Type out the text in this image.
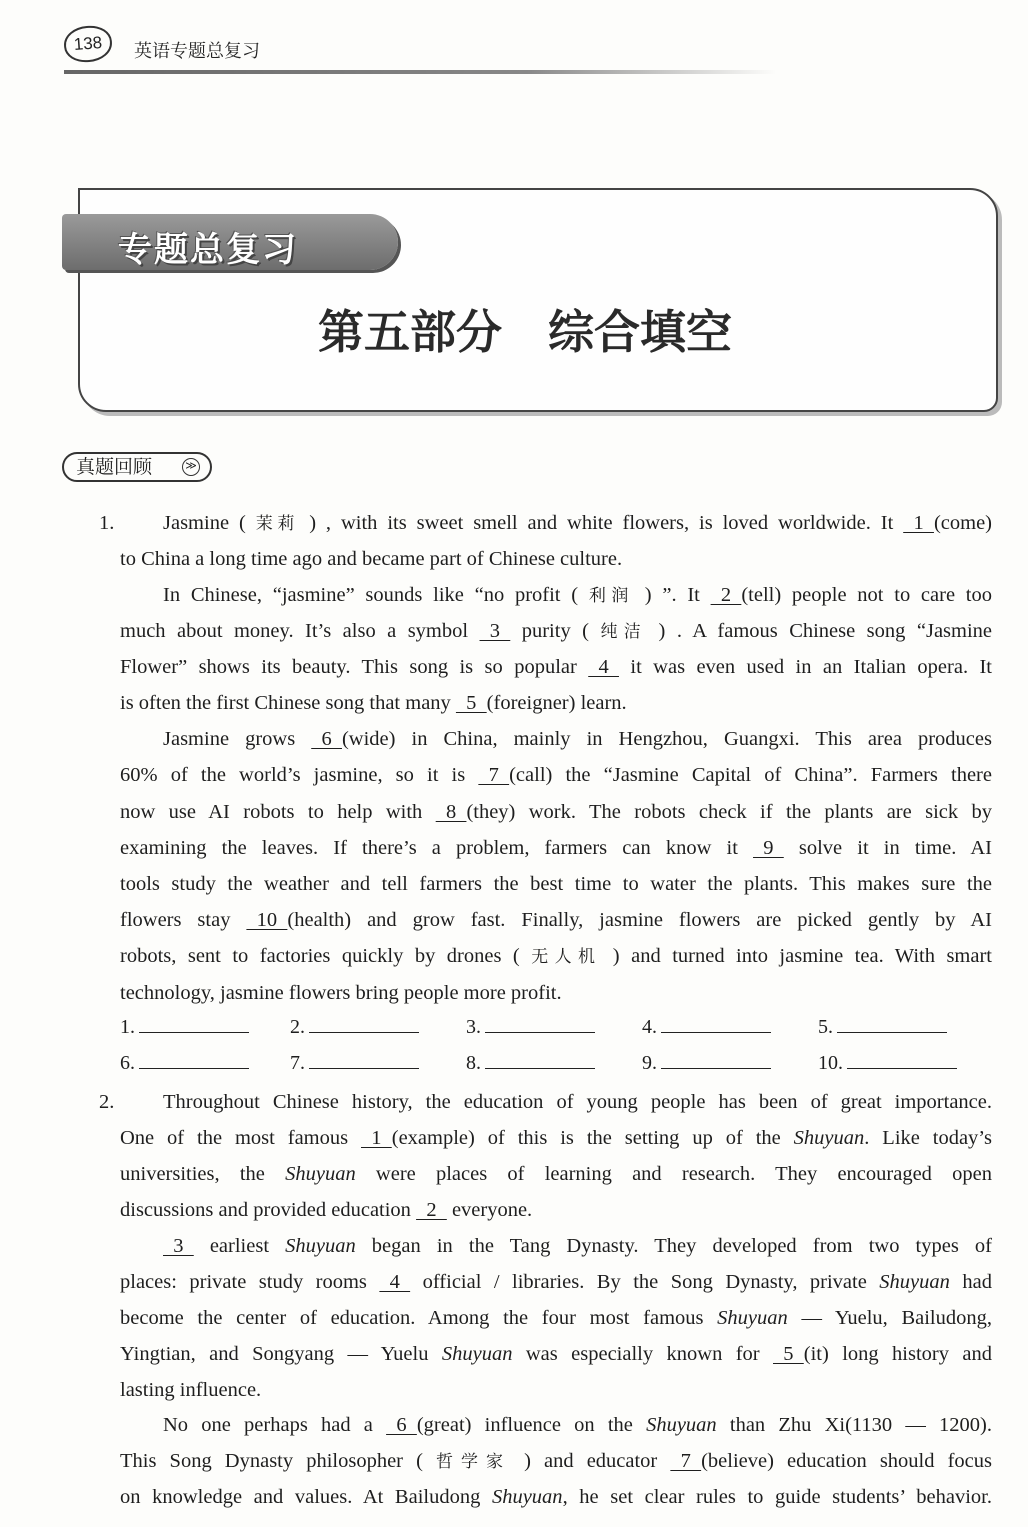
138	英语专题总复习
专题总复习
第五部分　综合填空
真题回顾	≫
1. Jasmine ( 茉莉 ) , with its sweet smell and white flowers, is loved worldwide. It   1  (come)
to China a long time ago and became part of Chinese culture.
In Chinese, “jasmine” sounds like “no profit ( 利润 ) ”. It   2  (tell) people not to care too
much about money. It’s also a symbol   3   purity ( 纯洁 ) . A famous Chinese song “Jasmine
Flower” shows its beauty. This song is so popular   4   it was even used in an Italian opera. It
is often the first Chinese song that many   5  (foreigner) learn.
Jasmine grows   6  (wide) in China, mainly in Hengzhou, Guangxi. This area produces
60% of the world’s jasmine, so it is   7  (call) the “Jasmine Capital of China”. Farmers there
now use AI robots to help with   8  (they) work. The robots check if the plants are sick by
examining the leaves. If there’s a problem, farmers can know it   9   solve it in time. AI
tools study the weather and tell farmers the best time to water the plants. This makes sure the
flowers stay   10  (health) and grow fast. Finally, jasmine flowers are picked gently by AI
robots, sent to factories quickly by drones ( 无人机 ) and turned into jasmine tea. With smart
technology, jasmine flowers bring people more profit.
1.	2.	3.	4.	5.
6.	7.	8.	9.	10.
2. Throughout Chinese history, the education of young people has been of great importance.
One of the most famous   1  (example) of this is the setting up of the Shuyuan. Like today’s
universities, the Shuyuan were places of learning and research. They encouraged open
discussions and provided education   2   everyone.
3   earliest Shuyuan began in the Tang Dynasty. They developed from two types of
places: private study rooms   4   official / libraries. By the Song Dynasty, private Shuyuan had
become the center of education. Among the four most famous Shuyuan — Yuelu, Bailudong,
Yingtian, and Songyang — Yuelu Shuyuan was especially known for   5  (it) long history and
lasting influence.
No one perhaps had a   6  (great) influence on the Shuyuan than Zhu Xi(1130 — 1200).
This Song Dynasty philosopher ( 哲学家 ) and educator   7  (believe) education should focus
on knowledge and values. At Bailudong Shuyuan, he set clear rules to guide students’ behavior.
